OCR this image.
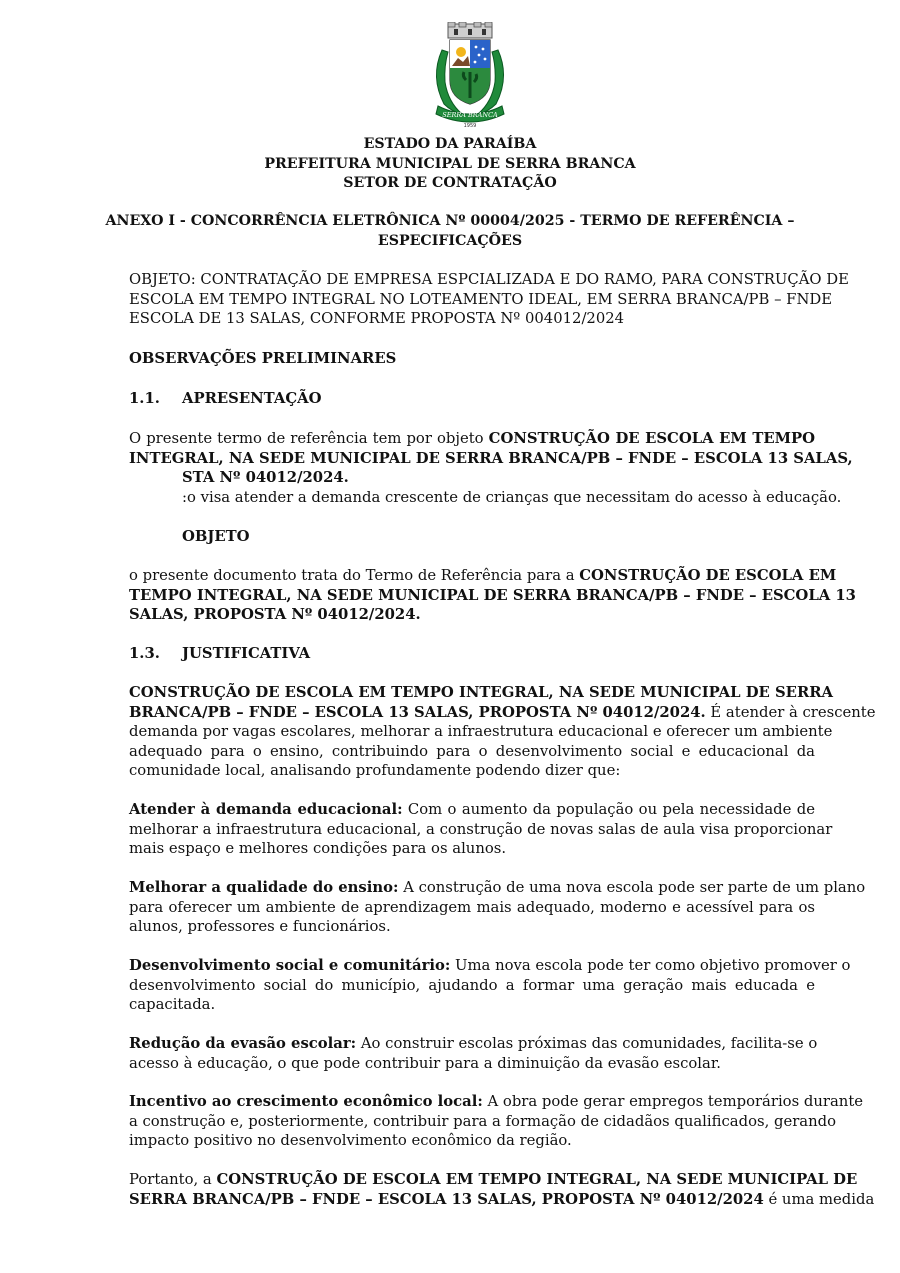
SERRA BRANCA
1959
ESTADO DA PARAÍBA
PREFEITURA MUNICIPAL DE SERRA BRANCA
SETOR DE CONTRATAÇÃO
ANEXO I - CONCORRÊNCIA ELETRÔNICA Nº 00004/2025 - TERMO DE REFERÊNCIA –
ESPECIFICAÇÕES
OBJETO: CONTRATAÇÃO DE EMPRESA ESPCIALIZADA E DO RAMO, PARA CONSTRUÇÃO DE
ESCOLA EM TEMPO INTEGRAL NO LOTEAMENTO IDEAL, EM SERRA BRANCA/PB – FNDE
ESCOLA DE 13 SALAS, CONFORME PROPOSTA Nº 004012/2024
OBSERVAÇÕES PRELIMINARES
1.1. APRESENTAÇÃO
O presente termo de referência tem por objeto CONSTRUÇÃO DE ESCOLA EM TEMPO
INTEGRAL, NA SEDE MUNICIPAL DE SERRA BRANCA/PB – FNDE – ESCOLA 13 SALAS,
STA Nº 04012/2024.
:o visa atender a demanda crescente de crianças que necessitam do acesso à educação.
OBJETO
o presente documento trata do Termo de Referência para a CONSTRUÇÃO DE ESCOLA EM
TEMPO INTEGRAL, NA SEDE MUNICIPAL DE SERRA BRANCA/PB – FNDE – ESCOLA 13
SALAS, PROPOSTA Nº 04012/2024.
1.3. JUSTIFICATIVA
CONSTRUÇÃO DE ESCOLA EM TEMPO INTEGRAL, NA SEDE MUNICIPAL DE SERRA
BRANCA/PB – FNDE – ESCOLA 13 SALAS, PROPOSTA Nº 04012/2024. É atender à crescente
demanda por vagas escolares, melhorar a infraestrutura educacional e oferecer um ambiente
adequado para o ensino, contribuindo para o desenvolvimento social e educacional da
comunidade local, analisando profundamente podendo dizer que:
Atender à demanda educacional: Com o aumento da população ou pela necessidade de
melhorar a infraestrutura educacional, a construção de novas salas de aula visa proporcionar
mais espaço e melhores condições para os alunos.
Melhorar a qualidade do ensino: A construção de uma nova escola pode ser parte de um plano
para oferecer um ambiente de aprendizagem mais adequado, moderno e acessível para os
alunos, professores e funcionários.
Desenvolvimento social e comunitário: Uma nova escola pode ter como objetivo promover o
desenvolvimento social do município, ajudando a formar uma geração mais educada e
capacitada.
Redução da evasão escolar: Ao construir escolas próximas das comunidades, facilita-se o
acesso à educação, o que pode contribuir para a diminuição da evasão escolar.
Incentivo ao crescimento econômico local: A obra pode gerar empregos temporários durante
a construção e, posteriormente, contribuir para a formação de cidadãos qualificados, gerando
impacto positivo no desenvolvimento econômico da região.
Portanto, a CONSTRUÇÃO DE ESCOLA EM TEMPO INTEGRAL, NA SEDE MUNICIPAL DE
SERRA BRANCA/PB – FNDE – ESCOLA 13 SALAS, PROPOSTA Nº 04012/2024 é uma medida
